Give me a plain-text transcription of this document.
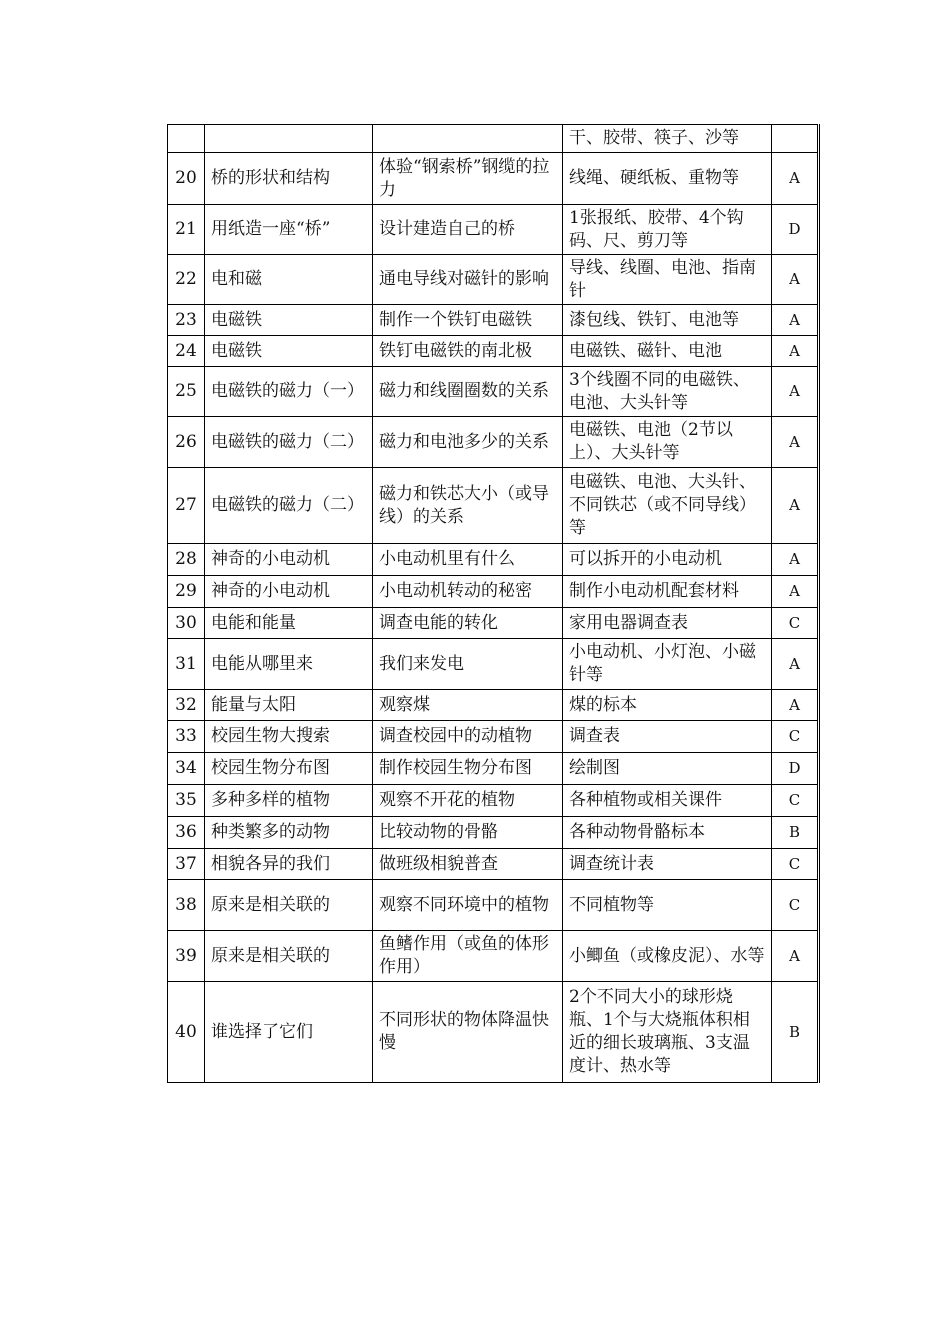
			干、胶带、筷子、沙等	
20	桥的形状和结构	体验“钢索桥”钢缆的拉力	线绳、硬纸板、重物等	A
21	用纸造一座“桥”	设计建造自己的桥	1张报纸、胶带、4个钩码、尺、剪刀等	D
22	电和磁	通电导线对磁针的影响	导线、线圈、电池、指南针	A
23	电磁铁	制作一个铁钉电磁铁	漆包线、铁钉、电池等	A
24	电磁铁	铁钉电磁铁的南北极	电磁铁、磁针、电池	A
25	电磁铁的磁力（一）	磁力和线圈圈数的关系	3个线圈不同的电磁铁、电池、大头针等	A
26	电磁铁的磁力（二）	磁力和电池多少的关系	电磁铁、电池（2节以上）、大头针等	A
27	电磁铁的磁力（二）	磁力和铁芯大小（或导线）的关系	电磁铁、电池、大头针、不同铁芯（或不同导线）等	A
28	神奇的小电动机	小电动机里有什么	可以拆开的小电动机	A
29	神奇的小电动机	小电动机转动的秘密	制作小电动机配套材料	A
30	电能和能量	调查电能的转化	家用电器调查表	C
31	电能从哪里来	我们来发电	小电动机、小灯泡、小磁针等	A
32	能量与太阳	观察煤	煤的标本	A
33	校园生物大搜索	调查校园中的动植物	调查表	C
34	校园生物分布图	制作校园生物分布图	绘制图	D
35	多种多样的植物	观察不开花的植物	各种植物或相关课件	C
36	种类繁多的动物	比较动物的骨骼	各种动物骨骼标本	B
37	相貌各异的我们	做班级相貌普查	调查统计表	C
38	原来是相关联的	观察不同环境中的植物	不同植物等	C
39	原来是相关联的	鱼鳍作用（或鱼的体形作用）	小鲫鱼（或橡皮泥）、水等	A
40	谁选择了它们	不同形状的物体降温快慢	2个不同大小的球形烧瓶、1个与大烧瓶体积相近的细长玻璃瓶、3支温度计、热水等	B
